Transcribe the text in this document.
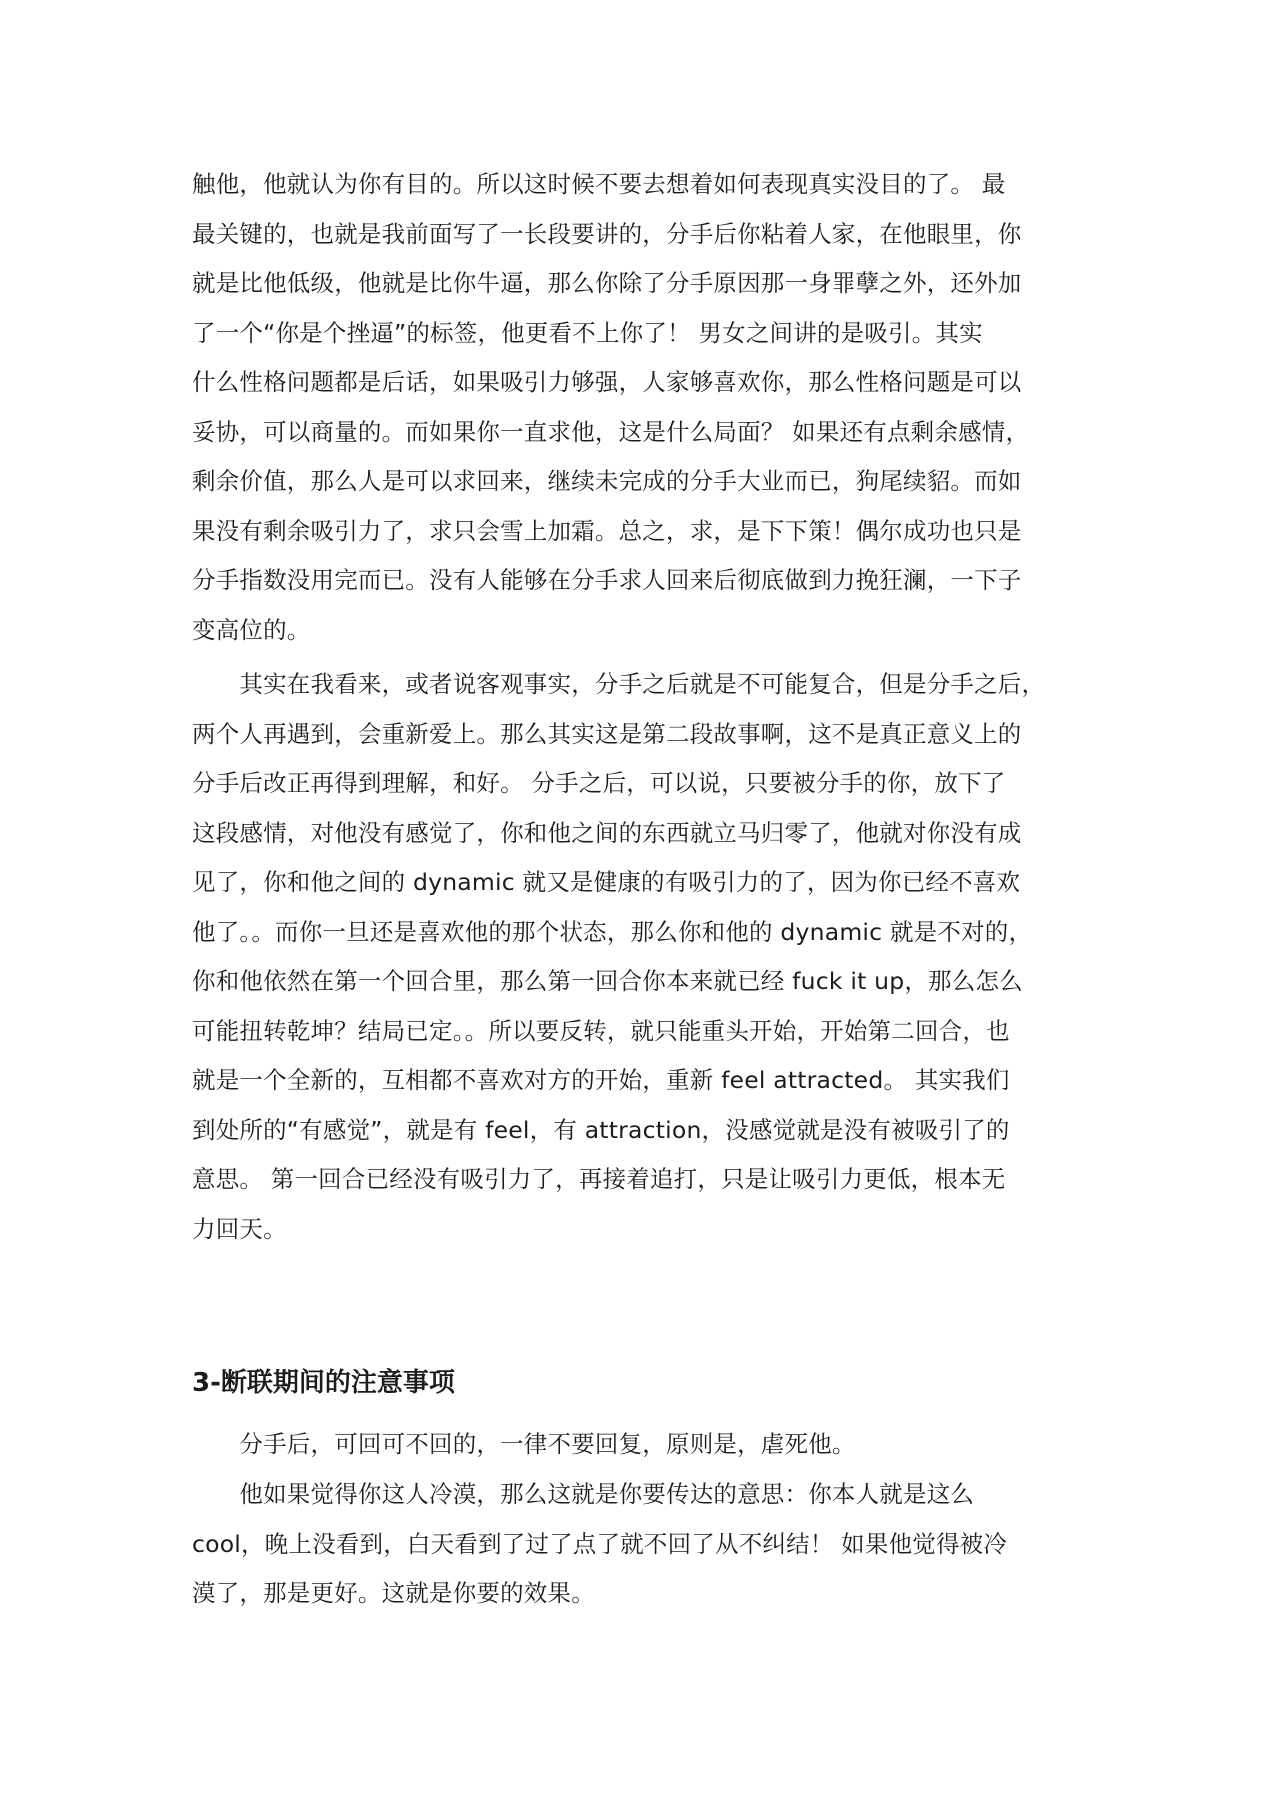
触他，他就认为你有目的。所以这时候不要去想着如何表现真实没目的了。 最
最关键的，也就是我前面写了一长段要讲的，分手后你粘着人家，在他眼里，你
就是比他低级，他就是比你牛逼，那么你除了分手原因那一身罪孽之外，还外加
了一个“你是个挫逼”的标签，他更看不上你了！ 男女之间讲的是吸引。其实
什么性格问题都是后话，如果吸引力够强，人家够喜欢你，那么性格问题是可以
妥协，可以商量的。而如果你一直求他，这是什么局面？ 如果还有点剩余感情，
剩余价值，那么人是可以求回来，继续未完成的分手大业而已，狗尾续貂。而如
果没有剩余吸引力了，求只会雪上加霜。总之，求，是下下策！偶尔成功也只是
分手指数没用完而已。没有人能够在分手求人回来后彻底做到力挽狂澜，一下子
变高位的。
　　其实在我看来，或者说客观事实，分手之后就是不可能复合，但是分手之后，
两个人再遇到，会重新爱上。那么其实这是第二段故事啊，这不是真正意义上的
分手后改正再得到理解，和好。 分手之后，可以说，只要被分手的你，放下了
这段感情，对他没有感觉了，你和他之间的东西就立马归零了，他就对你没有成
见了，你和他之间的 dynamic 就又是健康的有吸引力的了，因为你已经不喜欢
他了。。而你一旦还是喜欢他的那个状态，那么你和他的 dynamic 就是不对的，
你和他依然在第一个回合里，那么第一回合你本来就已经 fuck it up，那么怎么
可能扭转乾坤？结局已定。。所以要反转，就只能重头开始，开始第二回合，也
就是一个全新的，互相都不喜欢对方的开始，重新 feel attracted。 其实我们
到处所的“有感觉”，就是有 feel，有 attraction，没感觉就是没有被吸引了的
意思。 第一回合已经没有吸引力了，再接着追打，只是让吸引力更低，根本无
力回天。
3-断联期间的注意事项
　　分手后，可回可不回的，一律不要回复，原则是，虐死他。
　　他如果觉得你这人冷漠，那么这就是你要传达的意思：你本人就是这么
cool，晚上没看到，白天看到了过了点了就不回了从不纠结！ 如果他觉得被冷
漠了，那是更好。这就是你要的效果。
